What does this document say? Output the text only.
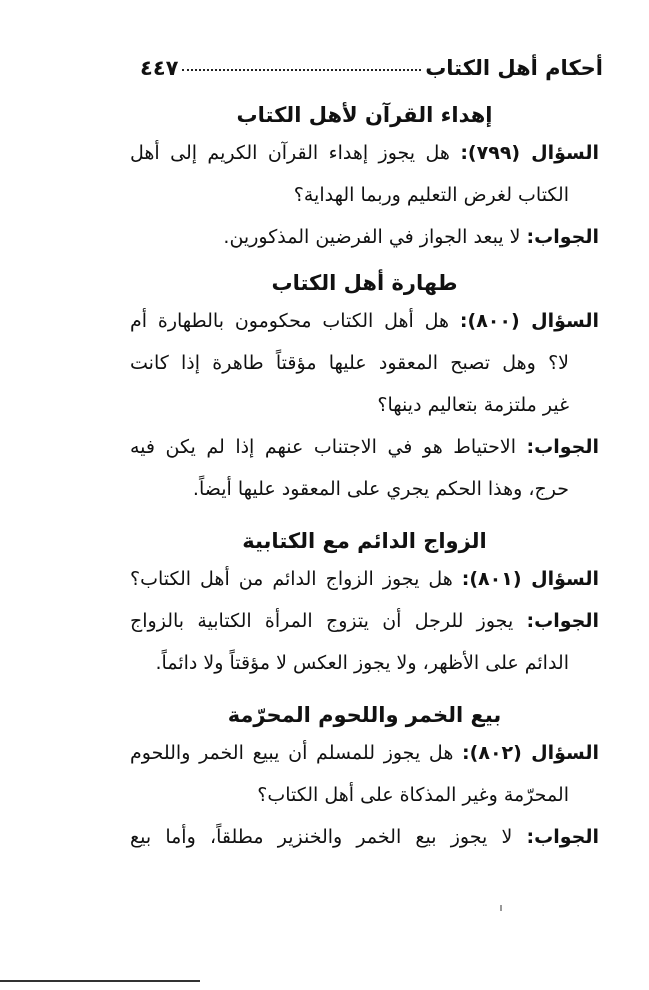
أحكام أهل الكتاب
٤٤٧
إهداء القرآن لأهل الكتاب
السؤال (٧٩٩): هل يجوز إهداء القرآن الكريم إلى أهل
الكتاب لغرض التعليم وربما الهداية؟
الجواب: لا يبعد الجواز في الفرضين المذكورين.
طهارة أهل الكتاب
السؤال (٨٠٠): هل أهل الكتاب محكومون بالطهارة أم
لا؟ وهل تصبح المعقود عليها مؤقتاً طاهرة إذا كانت
غير ملتزمة بتعاليم دينها؟
الجواب: الاحتياط هو في الاجتناب عنهم إذا لم يكن فيه
حرج، وهذا الحكم يجري على المعقود عليها أيضاً.
الزواج الدائم مع الكتابية
السؤال (٨٠١): هل يجوز الزواج الدائم من أهل الكتاب؟
الجواب: يجوز للرجل أن يتزوج المرأة الكتابية بالزواج
الدائم على الأظهر، ولا يجوز العكس لا مؤقتاً ولا دائماً.
بيع الخمر واللحوم المحرّمة
السؤال (٨٠٢): هل يجوز للمسلم أن يبيع الخمر واللحوم
المحرّمة وغير المذكاة على أهل الكتاب؟
الجواب: لا يجوز بيع الخمر والخنزير مطلقاً، وأما بيع
